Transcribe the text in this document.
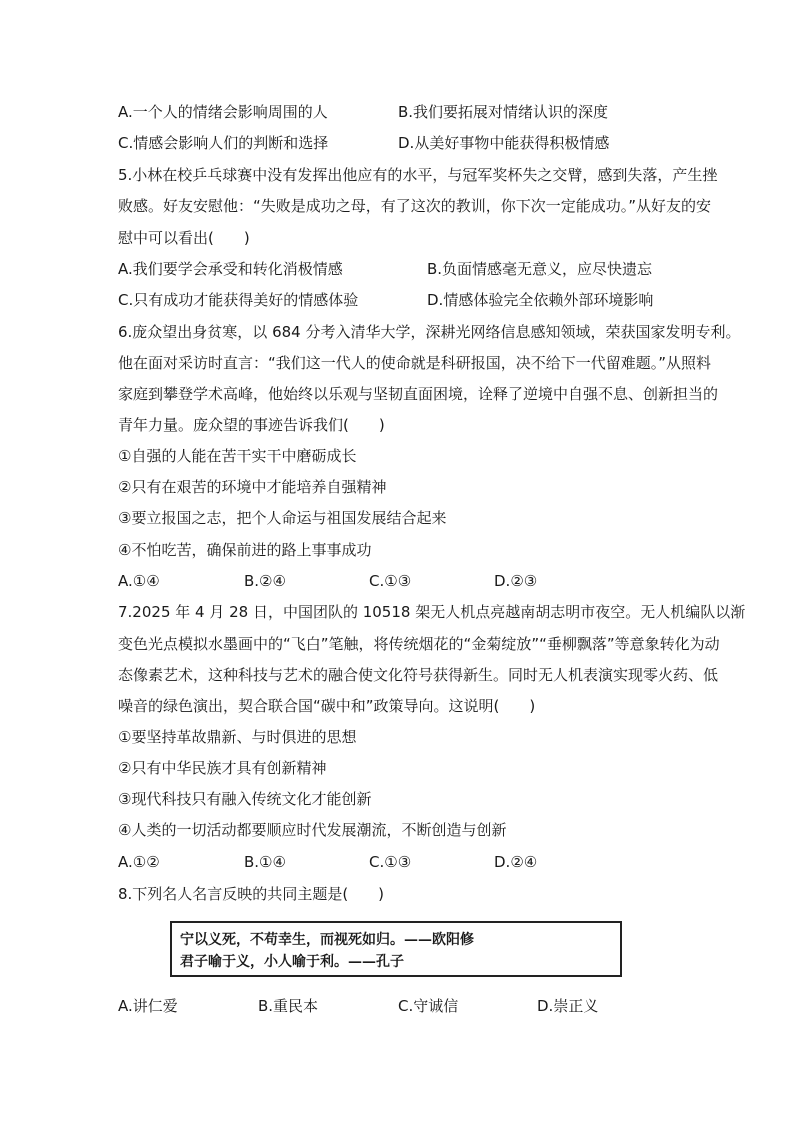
A.一个人的情绪会影响周围的人	B.我们要拓展对情绪认识的深度
C.情感会影响人们的判断和选择	D.从美好事物中能获得积极情感
5.小林在校乒乓球赛中没有发挥出他应有的水平，与冠军奖杯失之交臂，感到失落，产生挫
败感。好友安慰他：“失败是成功之母，有了这次的教训，你下次一定能成功。”从好友的安
慰中可以看出(　　)
A.我们要学会承受和转化消极情感	B.负面情感毫无意义，应尽快遗忘
C.只有成功才能获得美好的情感体验	D.情感体验完全依赖外部环境影响
6.庞众望出身贫寒，以 684 分考入清华大学，深耕光网络信息感知领域，荣获国家发明专利。
他在面对采访时直言：“我们这一代人的使命就是科研报国，决不给下一代留难题。”从照料
家庭到攀登学术高峰，他始终以乐观与坚韧直面困境，诠释了逆境中自强不息、创新担当的
青年力量。庞众望的事迹告诉我们(　　)
①自强的人能在苦干实干中磨砺成长
②只有在艰苦的环境中才能培养自强精神
③要立报国之志，把个人命运与祖国发展结合起来
④不怕吃苦，确保前进的路上事事成功
A.①④	B.②④	C.①③	D.②③
7.2025 年 4 月 28 日，中国团队的 10518 架无人机点亮越南胡志明市夜空。无人机编队以渐
变色光点模拟水墨画中的“飞白”笔触，将传统烟花的“金菊绽放”“垂柳飘落”等意象转化为动
态像素艺术，这种科技与艺术的融合使文化符号获得新生。同时无人机表演实现零火药、低
噪音的绿色演出，契合联合国“碳中和”政策导向。这说明(　　)
①要坚持革故鼎新、与时俱进的思想
②只有中华民族才具有创新精神
③现代科技只有融入传统文化才能创新
④人类的一切活动都要顺应时代发展潮流，不断创造与创新
A.①②	B.①④	C.①③	D.②④
8.下列名人名言反映的共同主题是(　　)
宁以义死，不苟幸生，而视死如归。——欧阳修
君子喻于义，小人喻于利。——孔子
A.讲仁爱	B.重民本	C.守诚信	D.崇正义
